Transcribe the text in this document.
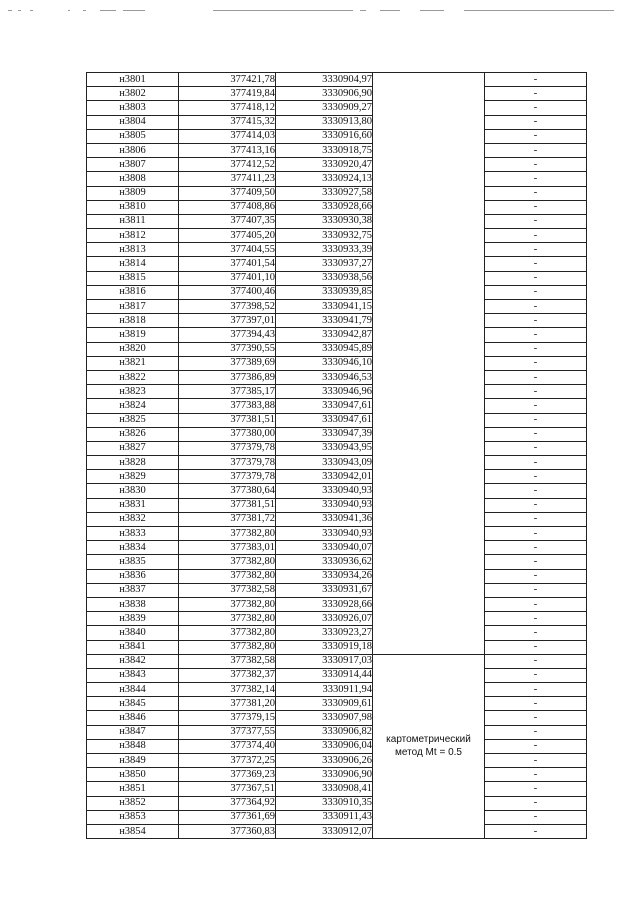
н3801	377421,78	3330904,97		-
н3802	377419,84	3330906,90		-
н3803	377418,12	3330909,27		-
н3804	377415,32	3330913,80		-
н3805	377414,03	3330916,60		-
н3806	377413,16	3330918,75		-
н3807	377412,52	3330920,47		-
н3808	377411,23	3330924,13		-
н3809	377409,50	3330927,58		-
н3810	377408,86	3330928,66		-
н3811	377407,35	3330930,38		-
н3812	377405,20	3330932,75		-
н3813	377404,55	3330933,39		-
н3814	377401,54	3330937,27		-
н3815	377401,10	3330938,56		-
н3816	377400,46	3330939,85		-
н3817	377398,52	3330941,15		-
н3818	377397,01	3330941,79		-
н3819	377394,43	3330942,87		-
н3820	377390,55	3330945,89		-
н3821	377389,69	3330946,10		-
н3822	377386,89	3330946,53		-
н3823	377385,17	3330946,96		-
н3824	377383,88	3330947,61		-
н3825	377381,51	3330947,61		-
н3826	377380,00	3330947,39		-
н3827	377379,78	3330943,95		-
н3828	377379,78	3330943,09		-
н3829	377379,78	3330942,01		-
н3830	377380,64	3330940,93		-
н3831	377381,51	3330940,93		-
н3832	377381,72	3330941,36		-
н3833	377382,80	3330940,93		-
н3834	377383,01	3330940,07		-
н3835	377382,80	3330936,62		-
н3836	377382,80	3330934,26		-
н3837	377382,58	3330931,67		-
н3838	377382,80	3330928,66		-
н3839	377382,80	3330926,07		-
н3840	377382,80	3330923,27		-
н3841	377382,80	3330919,18		-
н3842	377382,58	3330917,03	картометрический
метод Mt = 0.5	-
н3843	377382,37	3330914,44		-
н3844	377382,14	3330911,94		-
н3845	377381,20	3330909,61		-
н3846	377379,15	3330907,98		-
н3847	377377,55	3330906,82		-
н3848	377374,40	3330906,04		-
н3849	377372,25	3330906,26		-
н3850	377369,23	3330906,90		-
н3851	377367,51	3330908,41		-
н3852	377364,92	3330910,35		-
н3853	377361,69	3330911,43		-
н3854	377360,83	3330912,07		-
